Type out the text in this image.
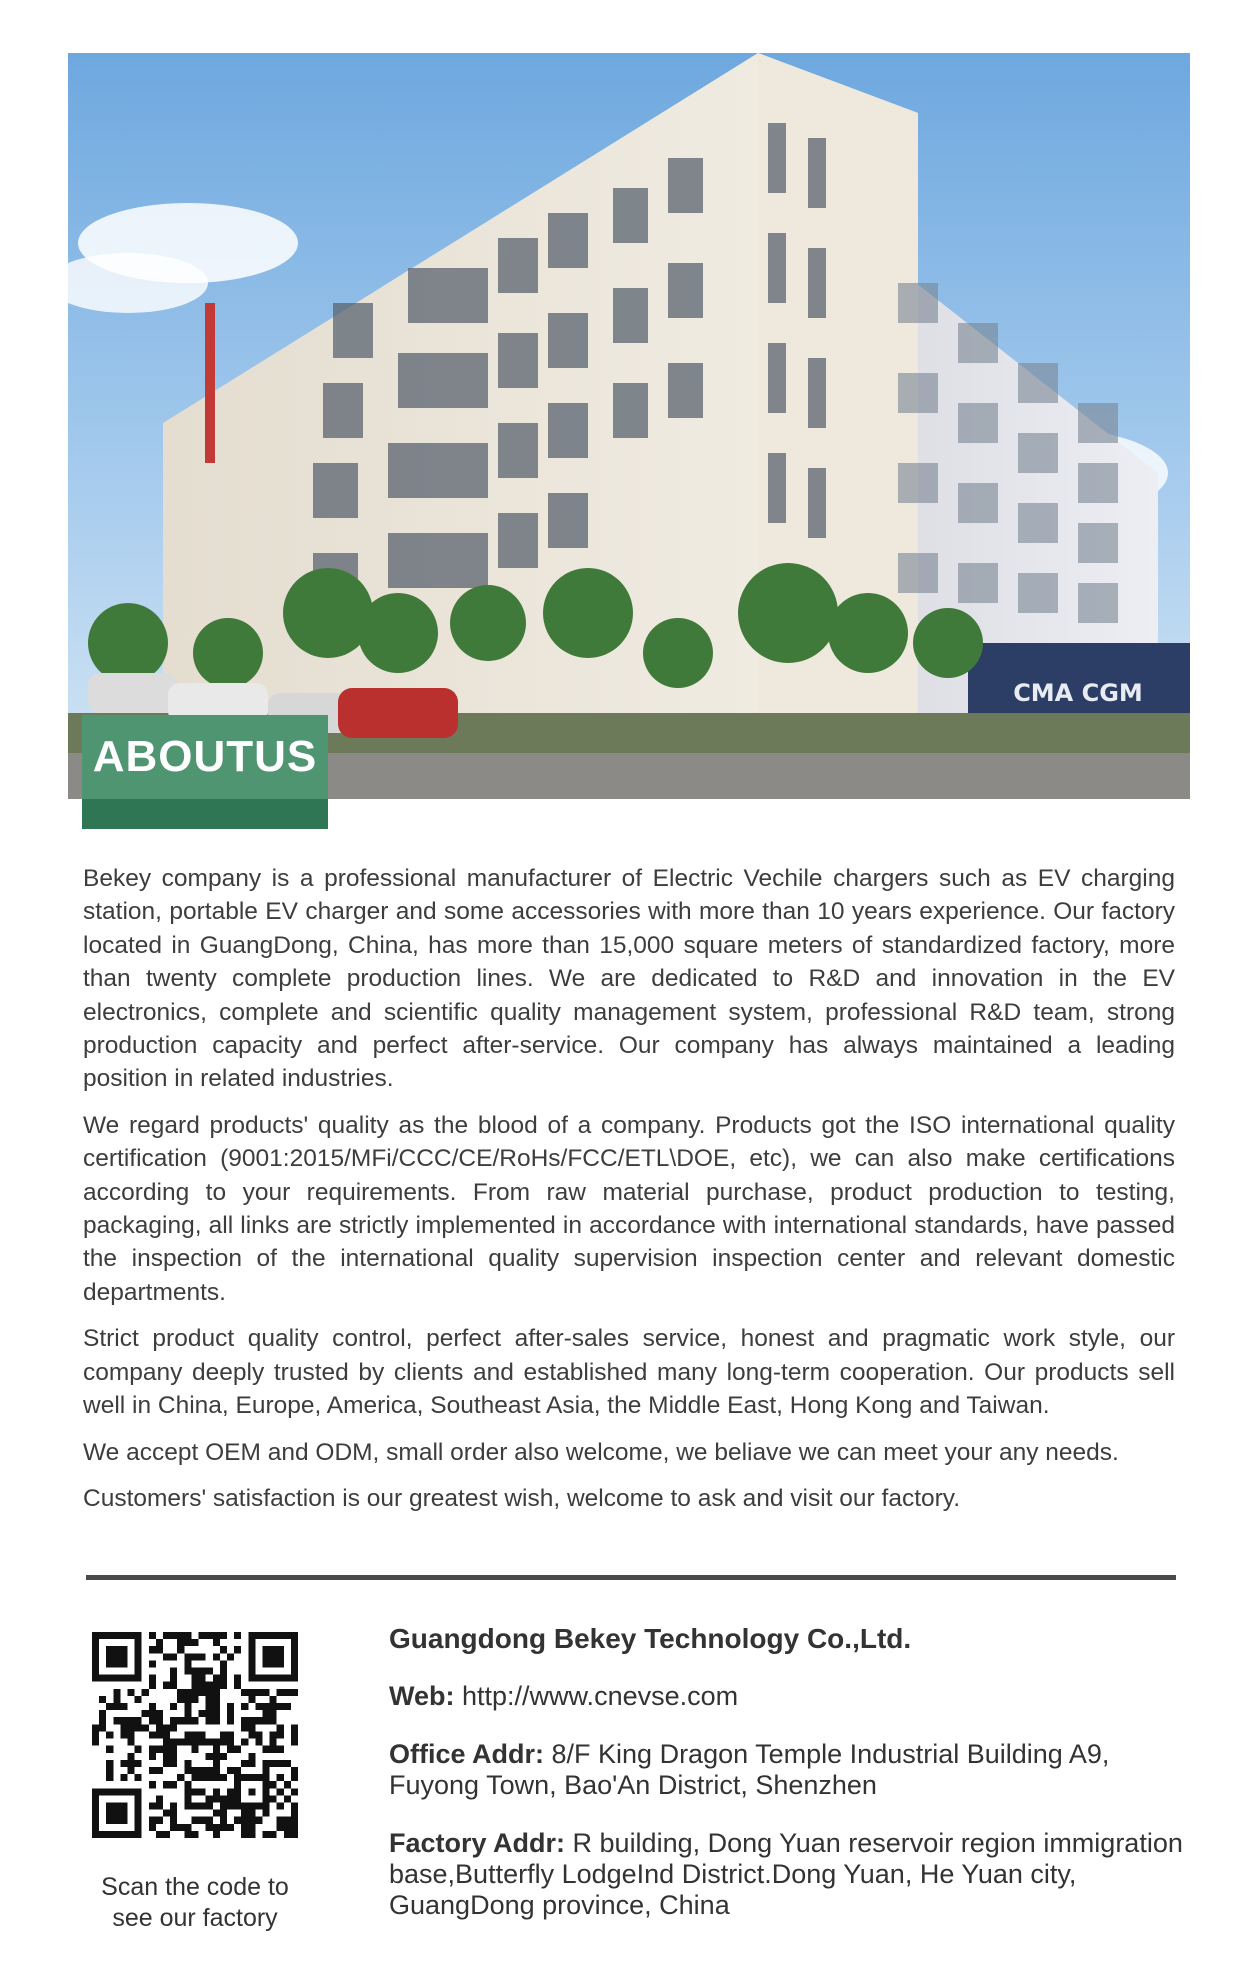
CMA CGM
ABOUTUS

Bekey company is a professional manufacturer of Electric Vechile chargers such as EV charging station, portable EV charger and some accessories with more than 10 years experience. Our factory located in GuangDong, China, has more than 15,000 square meters of standardized factory, more than twenty complete production lines. We are dedicated to R&D and innovation in the EV electronics, complete and scientific quality management system, professional R&D team, strong production capacity and perfect after-service. Our company has always maintained a leading position in related industries.

We regard products' quality as the blood of a company. Products got the ISO international quality certification (9001:2015/MFi/CCC/CE/RoHs/FCC/ETL\DOE, etc), we can also make certifications according to your requirements. From raw material purchase, product production to testing, packaging, all links are strictly implemented in accordance with international standards, have passed the inspection of the international quality supervision inspection center and relevant domestic departments.

Strict product quality control, perfect after-sales service, honest and pragmatic work style, our company deeply trusted by clients and established many long-term cooperation. Our products sell well in China, Europe, America, Southeast Asia, the Middle East, Hong Kong and Taiwan.

We accept OEM and ODM, small order also welcome, we beliave we can meet your any needs.

Customers' satisfaction is our greatest wish, welcome to ask and visit our factory.

Scan the code to
see our factory
Guangdong Bekey Technology Co.,Ltd.
Web: http://www.cnevse.com
Office Addr: 8/F King Dragon Temple Industrial Building A9, Fuyong Town, Bao'An District, Shenzhen
Factory Addr: R building, Dong Yuan reservoir region immigration base,Butterfly LodgeInd District.Dong Yuan, He Yuan city, GuangDong province, China
